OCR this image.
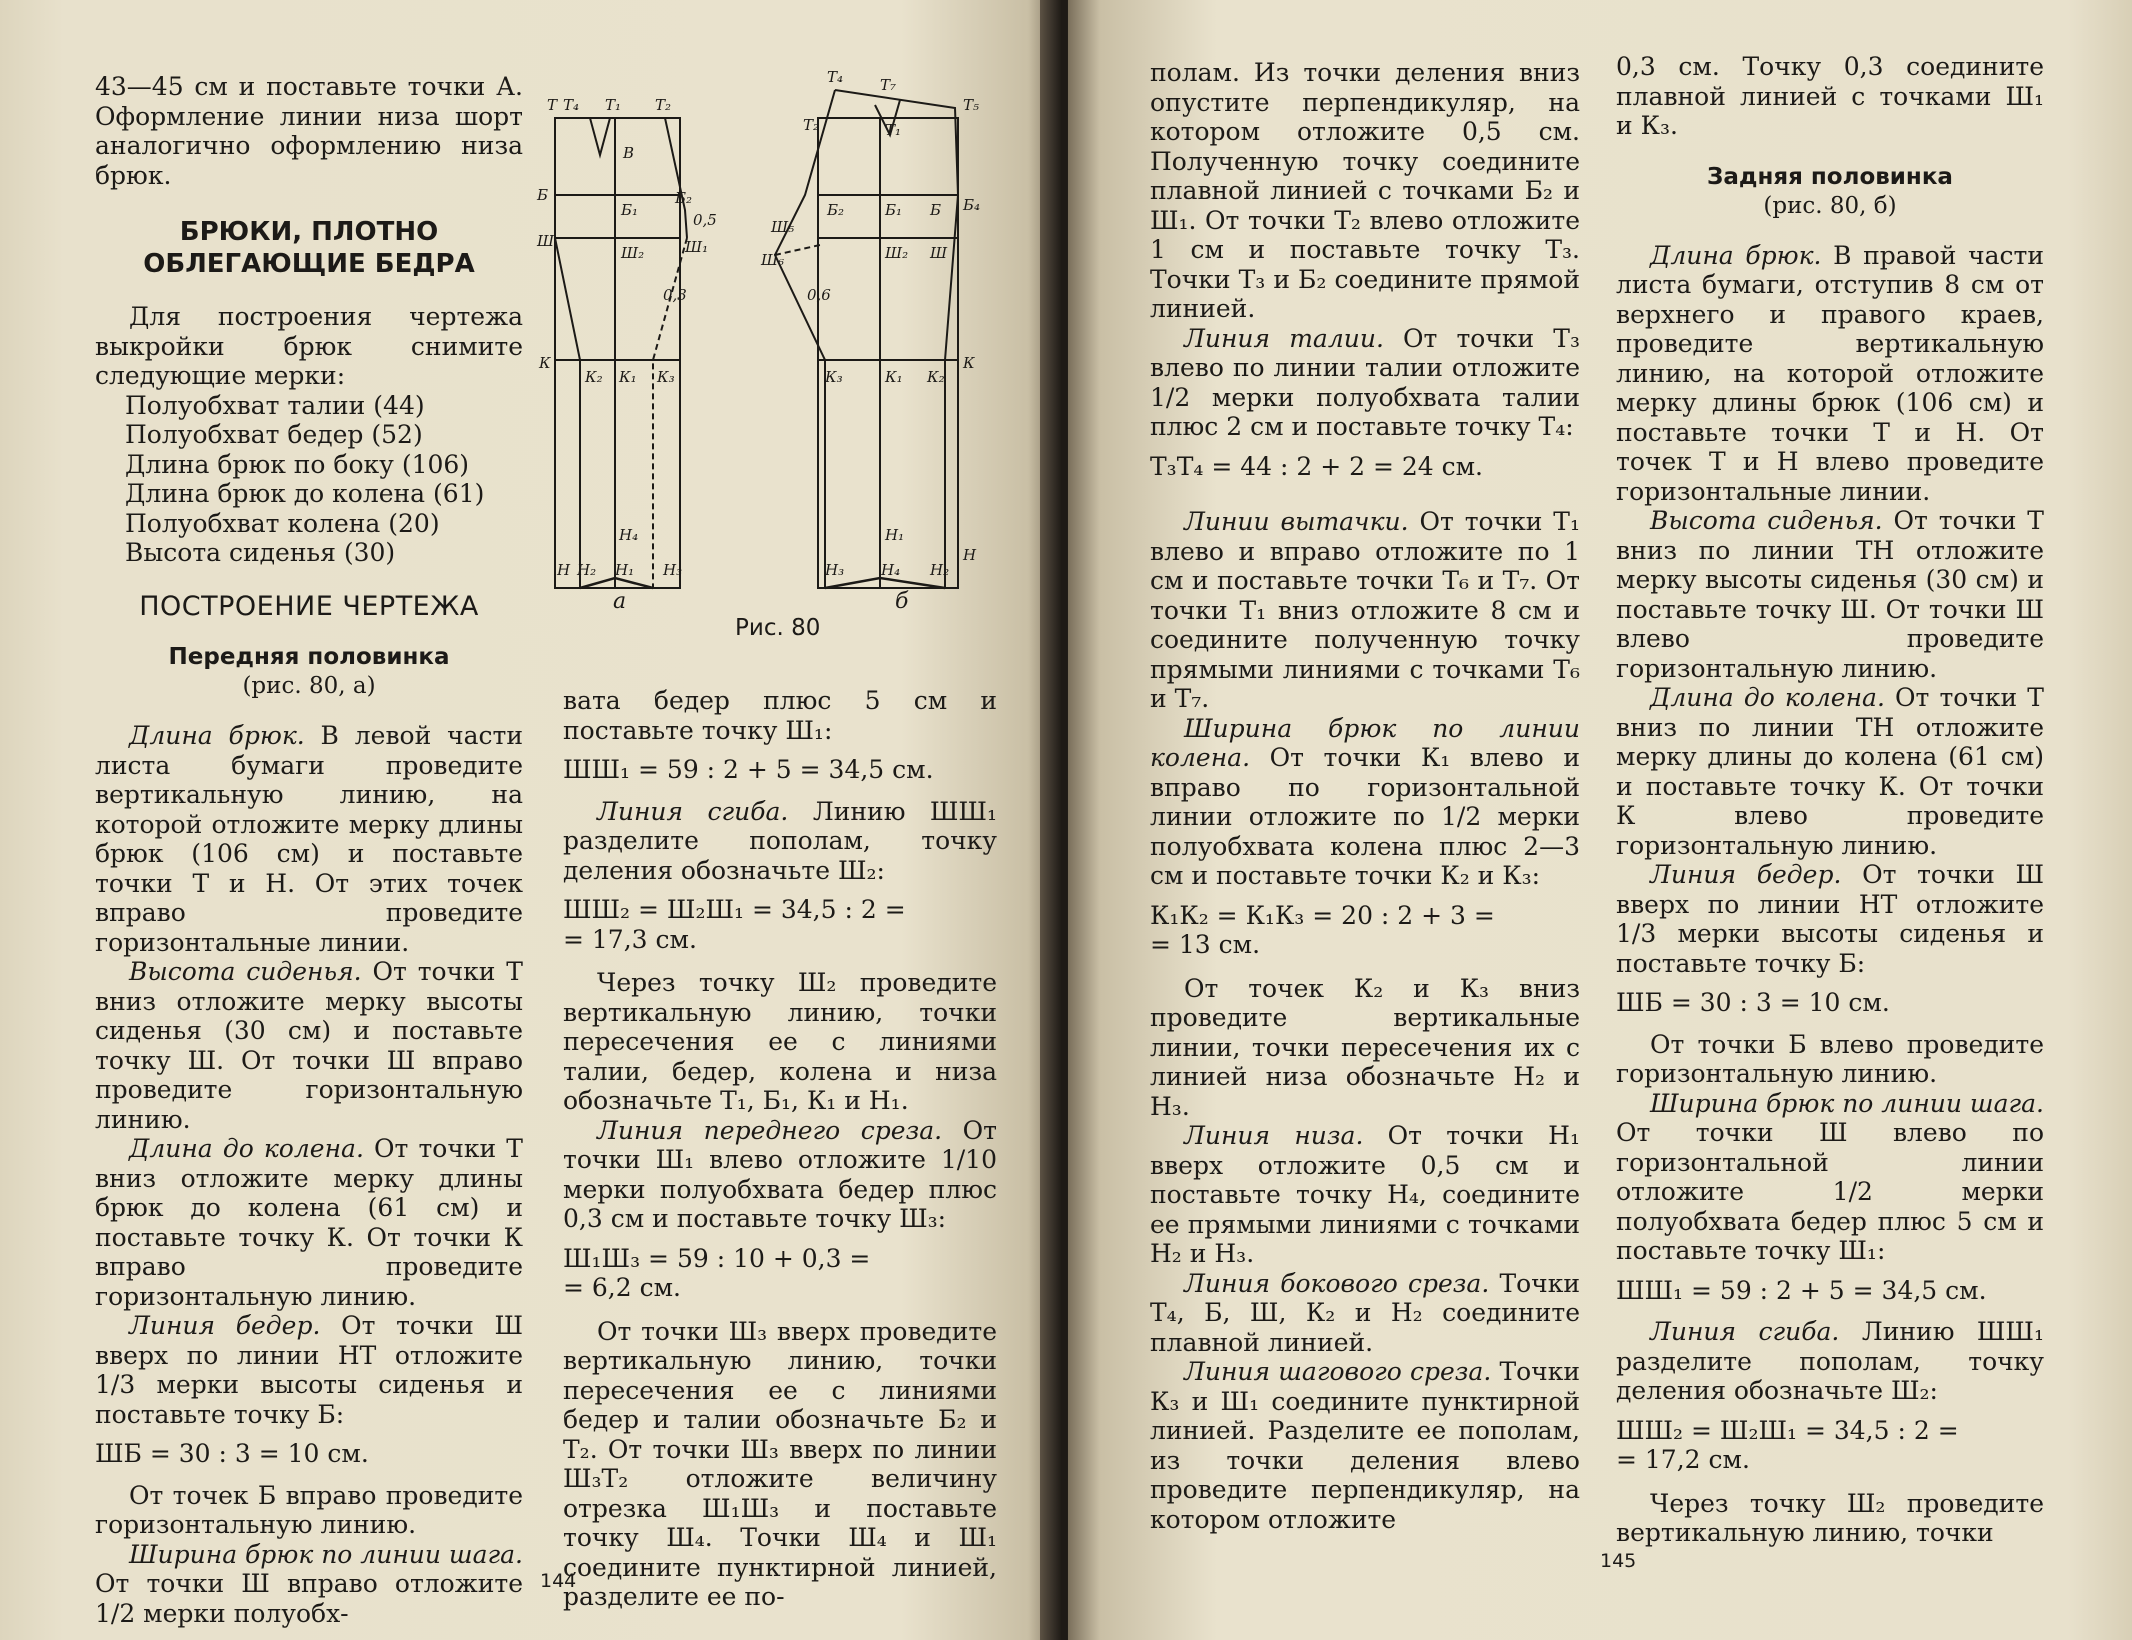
43—45 см и поставьте точки А. Оформление линии низа шорт аналогично оформлению низа брюк.

БРЮКИ, ПЛОТНО
ОБЛЕГАЮЩИЕ БЕДРА

Для построения чертежа выкройки брюк снимите следующие мерки:

Полуобхват талии (44)
Полуобхват бедер (52)
Длина брюк по боку (106)
Длина брюк до колена (61)
Полуобхват колена (20)
Высота сиденья (30)
ПОСТРОЕНИЕ ЧЕРТЕЖА
Передняя половинка
(рис. 80, а)

Длина брюк. В левой части листа бумаги проведите вертикальную линию, на которой отложите мерку длины брюк (106 см) и поставьте точки Т и Н. От этих точек вправо проведите горизонтальные линии.

Высота сиденья. От точки Т вниз отложите мерку высоты сиденья (30 см) и поставьте точку Ш. От точки Ш вправо проведите горизонтальную линию.

Длина до колена. От точки Т вниз отложите мерку длины брюк до колена (61 см) и поставьте точку К. От точки К вправо проведите горизонтальную линию.

Линия бедер. От точки Ш вверх по линии НТ отложите 1/3 мерки высоты сиденья и поставьте точку Б:

ШБ = 30 : 3 = 10 см.

От точек Б вправо проведите горизонтальную линию.

Ширина брюк по линии шага. От точки Ш вправо отложите 1/2 мерки полуобх-

Т Т₄ Т₁ Т₂
В
Б
Б₁
Б₂
0,5
Ш
Ш₂	Ш₁
0,3
К
К₂ К₁ К₃
Н₄
Н Н₂ Н₁ Н₃
Т₄ Т₇
Т₅
Т₂	Т₁
Б₂	Б₁ Б Б₄
Ш₅
Ш₂ Ш
Ш₆
0,6
К₃	К₁ К₂
К
Н₁
Н₃ Н₄ Н₂
Н
а	б
Рис. 80

вата бедер плюс 5 см и поставьте точку Ш₁:

ШШ₁ = 59 : 2 + 5 = 34,5 см.

Линия сгиба. Линию ШШ₁ разделите пополам, точку деления обозначьте Ш₂:

ШШ₂ = Ш₂Ш₁ = 34,5 : 2 =
= 17,3 см.

Через точку Ш₂ проведите вертикальную линию, точки пересечения ее с линиями талии, бедер, колена и низа обозначьте Т₁, Б₁, К₁ и Н₁.

Линия переднего среза. От точки Ш₁ влево отложите 1/10 мерки полуобхвата бедер плюс 0,3 см и поставьте точку Ш₃:

Ш₁Ш₃ = 59 : 10 + 0,3 =
= 6,2 см.

От точки Ш₃ вверх проведите вертикальную линию, точки пересечения ее с линиями бедер и талии обозначьте Б₂ и Т₂. От точки Ш₃ вверх по линии Ш₃Т₂ отложите величину отрезка Ш₁Ш₃ и поставьте точку Ш₄. Точки Ш₄ и Ш₁ соедините пунктирной линией, разделите ее по-

144

полам. Из точки деления вниз опустите перпендикуляр, на котором отложите 0,5 см. Полученную точку соедините плавной линией с точками Б₂ и Ш₁. От точки Т₂ влево отложите 1 см и поставьте точку Т₃. Точки Т₃ и Б₂ соедините прямой линией.

Линия талии. От точки Т₃ влево по линии талии отложите 1/2 мерки полуобхвата талии плюс 2 см и поставьте точку Т₄:

Т₃Т₄ = 44 : 2 + 2 = 24 см.

Линии вытачки. От точки Т₁ влево и вправо отложите по 1 см и поставьте точки Т₆ и Т₇. От точки Т₁ вниз отложите 8 см и соедините полученную точку прямыми линиями с точками Т₆ и Т₇.

Ширина брюк по линии колена. От точки К₁ влево и вправо по горизонтальной линии отложите по 1/2 мерки полуобхвата колена плюс 2—3 см и поставьте точки К₂ и К₃:

К₁К₂ = К₁К₃ = 20 : 2 + 3 =
= 13 см.

От точек К₂ и К₃ вниз проведите вертикальные линии, точки пересечения их с линией низа обозначьте Н₂ и Н₃.

Линия низа. От точки Н₁ вверх отложите 0,5 см и поставьте точку Н₄, соедините ее прямыми линиями с точками Н₂ и Н₃.

Линия бокового среза. Точки Т₄, Б, Ш, К₂ и Н₂ соедините плавной линией.

Линия шагового среза. Точки К₃ и Ш₁ соедините пунктирной линией. Разделите ее пополам, из точки деления влево проведите перпендикуляр, на котором отложите

0,3 см. Точку 0,3 соедините плавной линией с точками Ш₁ и К₃.

Задняя половинка
(рис. 80, б)

Длина брюк. В правой части листа бумаги, отступив 8 см от верхнего и правого краев, проведите вертикальную линию, на которой отложите мерку длины брюк (106 см) и поставьте точки Т и Н. От точек Т и Н влево проведите горизонтальные линии.

Высота сиденья. От точки Т вниз по линии ТН отложите мерку высоты сиденья (30 см) и поставьте точку Ш. От точки Ш влево проведите горизонтальную линию.

Длина до колена. От точки Т вниз по линии ТН отложите мерку длины до колена (61 см) и поставьте точку К. От точки К влево проведите горизонтальную линию.

Линия бедер. От точки Ш вверх по линии НТ отложите 1/3 мерки высоты сиденья и поставьте точку Б:

ШБ = 30 : 3 = 10 см.

От точки Б влево проведите горизонтальную линию.

Ширина брюк по линии шага. От точки Ш влево по горизонтальной линии отложите 1/2 мерки полуобхвата бедер плюс 5 см и поставьте точку Ш₁:

ШШ₁ = 59 : 2 + 5 = 34,5 см.

Линия сгиба. Линию ШШ₁ разделите пополам, точку деления обозначьте Ш₂:

ШШ₂ = Ш₂Ш₁ = 34,5 : 2 =
= 17,2 см.

Через точку Ш₂ проведите вертикальную линию, точки

145
